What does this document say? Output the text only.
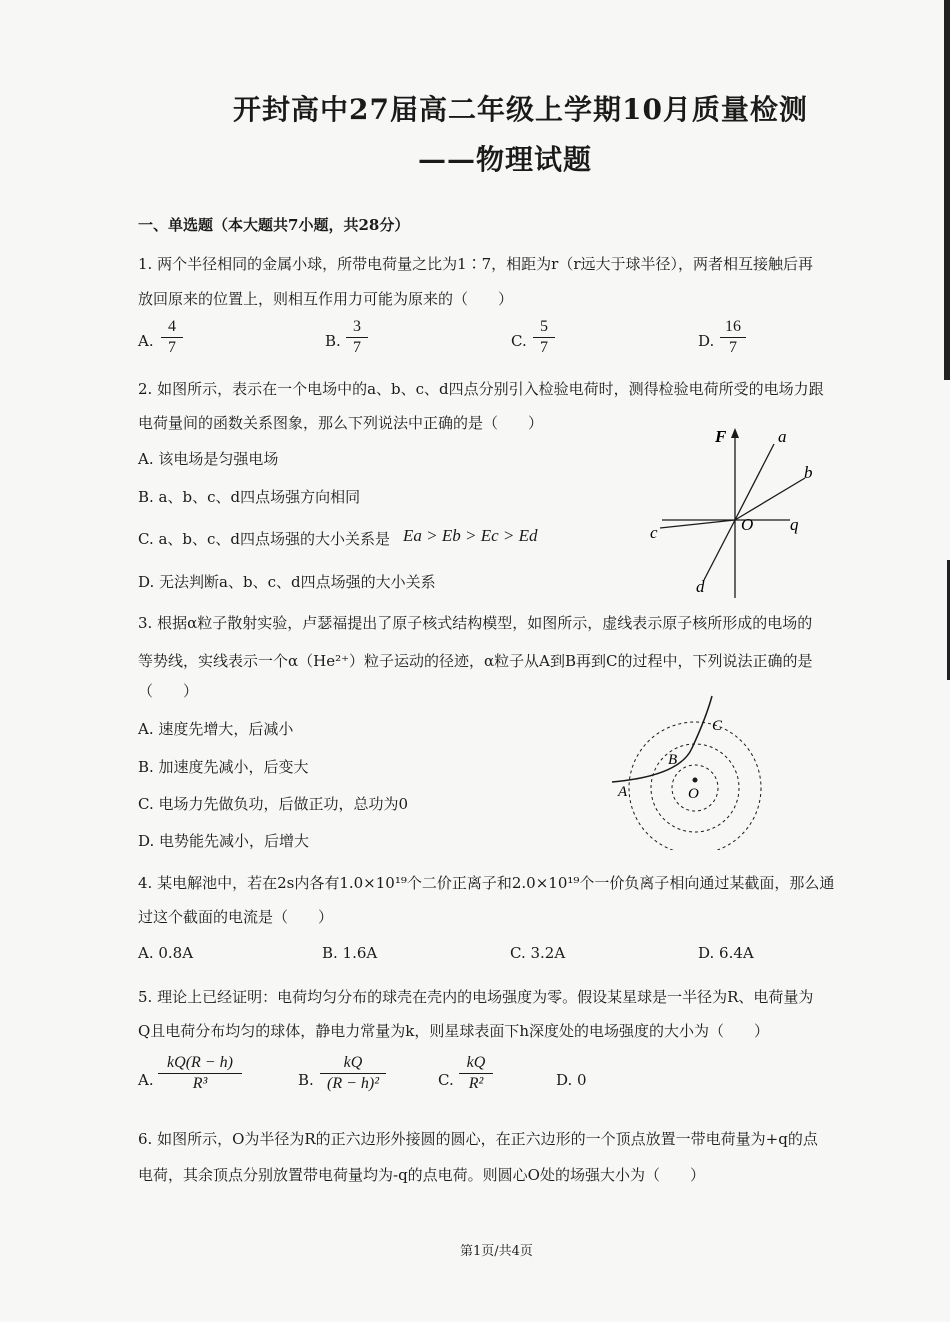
开封高中27届高二年级上学期10月质量检测
——物理试题
一、单选题（本大题共7小题，共28分）
1. 两个半径相同的金属小球，所带电荷量之比为1∶7，相距为r（r远大于球半径），两者相互接触后再
放回原来的位置上，则相互作用力可能为原来的（　　）
A.
4
7	B.
3
7	C.
5
7	D.
16
7
2. 如图所示，表示在一个电场中的a、b、c、d四点分别引入检验电荷时，测得检验电荷所受的电场力跟
电荷量间的函数关系图象，那么下列说法中正确的是（　　）
A. 该电场是匀强电场
B. a、b、c、d四点场强方向相同
C. a、b、c、d四点场强的大小关系是 Ea > Eb > Ec > Ed
D. 无法判断a、b、c、d四点场强的大小关系
F	a
b
c
d
O q
3. 根据α粒子散射实验，卢瑟福提出了原子核式结构模型，如图所示，虚线表示原子核所形成的电场的
等势线，实线表示一个α（He²⁺）粒子运动的径迹，α粒子从A到B再到C的过程中，下列说法正确的是
（　　）
A. 速度先增大，后减小
B. 加速度先减小，后变大
C. 电场力先做负功，后做正功，总功为0
D. 电势能先减小，后增大
A
B
C
O
4. 某电解池中，若在2s内各有1.0×10¹⁹个二价正离子和2.0×10¹⁹个一价负离子相向通过某截面，那么通
过这个截面的电流是（　　）
A. 0.8A	B. 1.6A	C. 3.2A	D. 6.4A
5. 理论上已经证明：电荷均匀分布的球壳在壳内的电场强度为零。假设某星球是一半径为R、电荷量为
Q且电荷分布均匀的球体，静电力常量为k，则星球表面下h深度处的电场强度的大小为（　　）
A.
kQ(R − h)
R³	B.
kQ
(R − h)²	C.
kQ
R²	D. 0
6. 如图所示，O为半径为R的正六边形外接圆的圆心，在正六边形的一个顶点放置一带电荷量为+q的点
电荷，其余顶点分别放置带电荷量均为-q的点电荷。则圆心O处的场强大小为（　　）
第1页/共4页
